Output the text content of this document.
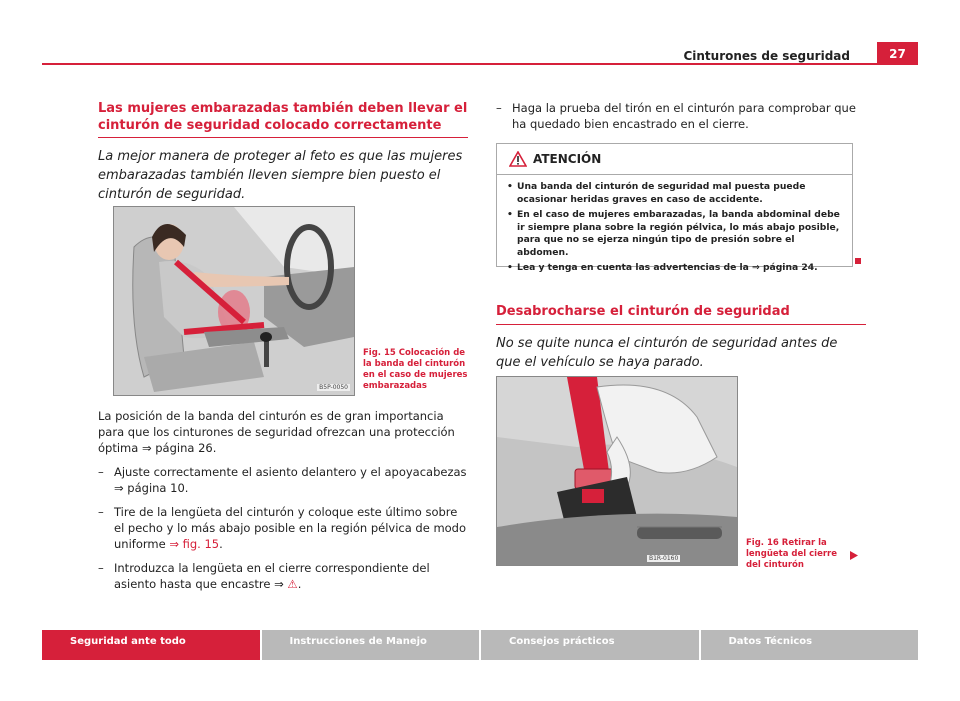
Cinturones de seguridad	27
Las mujeres embarazadas también deben llevar el cinturón de seguridad colocado correctamente

La mejor manera de proteger al feto es que las mujeres embarazadas también lleven siempre bien puesto el cinturón de seguridad.

B5P-0050
Fig. 15 Colocación de la banda del cinturón en el caso de mujeres embarazadas

La posición de la banda del cinturón es de gran importancia para que los cinturones de seguridad ofrezcan una protección óptima ⇒ página 26.

– Ajuste correctamente el asiento delantero y el apoyacabezas ⇒ página 10.

– Tire de la lengüeta del cinturón y coloque este último sobre el pecho y lo más abajo posible en la región pélvica de modo uniforme ⇒ fig. 15.

– Introduzca la lengüeta en el cierre correspondiente del asiento hasta que encastre ⇒ ⚠.

– Haga la prueba del tirón en el cinturón para comprobar que ha quedado bien encastrado en el cierre.

ATENCIÓN

• Una banda del cinturón de seguridad mal puesta puede ocasionar heridas graves en caso de accidente.

• En el caso de mujeres embarazadas, la banda abdominal debe ir siempre plana sobre la región pélvica, lo más abajo posible, para que no se ejerza ningún tipo de presión sobre el abdomen.

• Lea y tenga en cuenta las advertencias de la ⇒ página 24.

Desabrocharse el cinturón de seguridad

No se quite nunca el cinturón de seguridad antes de que el vehículo se haya parado.

B1R-0160
Fig. 16 Retirar la lengüeta del cierre del cinturón
Seguridad ante todo	Instrucciones de Manejo	Consejos prácticos	Datos Técnicos
